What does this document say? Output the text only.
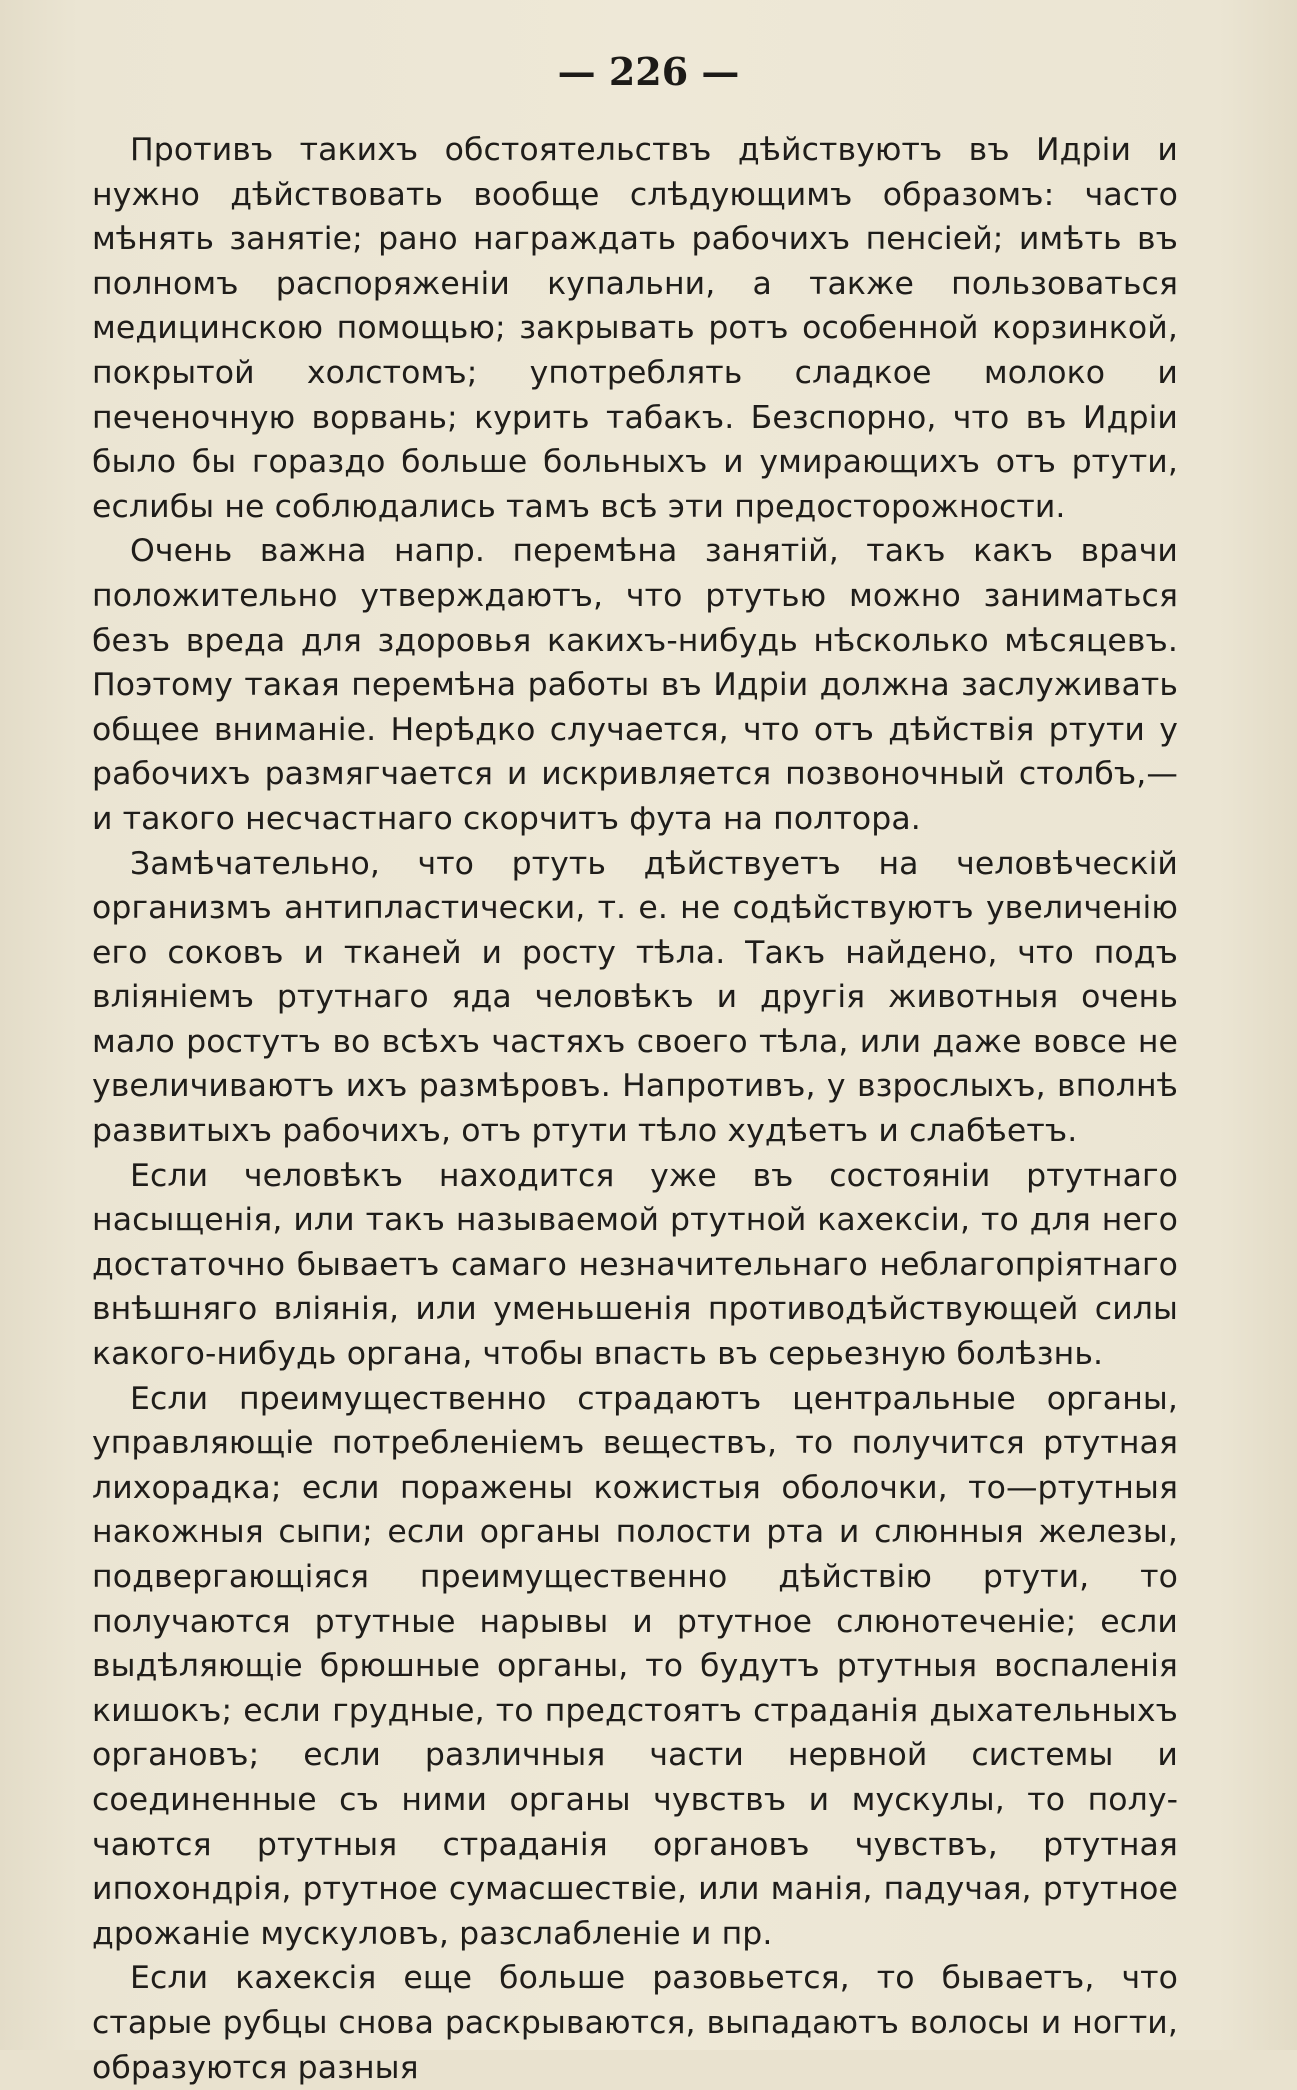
— 226 —

Противъ такихъ обстоятельствъ дѣйствуютъ въ Идріи и нужно дѣйствовать вообще слѣдующимъ образомъ: часто мѣнять занятіе; рано награждать рабочихъ пенсіей; имѣть въ полномъ распоряженіи купальни, а также пользоваться медицинскою помощью; закрывать ротъ особенной корзинкой, покрытой холстомъ; употреблять сладкое молоко и печеночную ворвань; курить табакъ. Безспорно, что въ Идріи было бы гораздо больше больныхъ и умирающихъ отъ ртути, еслибы не соблюдались тамъ всѣ эти предосторожности.

Очень важна напр. перемѣна занятій, такъ какъ врачи положительно утверждаютъ, что ртутью можно заниматься безъ вреда для здоровья какихъ-нибудь нѣсколько мѣсяцевъ. Поэтому такая перемѣна работы въ Идріи должна заслуживать общее вниманіе. Нерѣдко случается, что отъ дѣйствія ртути у рабочихъ размягчается и искривляется позвоночный столбъ,—и такого несчастнаго скорчитъ фута на полтора.

Замѣчательно, что ртуть дѣйствуетъ на человѣческій организмъ антипластически, т. е. не содѣйствуютъ увеличенію его соковъ и тканей и росту тѣла. Такъ найдено, что подъ вліяніемъ ртутнаго яда человѣкъ и другія животныя очень мало ростутъ во всѣхъ частяхъ своего тѣла, или даже вовсе не увеличиваютъ ихъ размѣровъ. Напротивъ, у взрослыхъ, вполнѣ развитыхъ рабочихъ, отъ ртути тѣло худѣетъ и слабѣетъ.

Если человѣкъ находится уже въ состояніи ртутнаго насыщенія, или такъ называемой ртутной кахексіи, то для него достаточно бываетъ самаго незначительнаго неблагопріятнаго внѣшняго вліянія, или уменьшенія противодѣйствующей силы какого-нибудь органа, чтобы впасть въ серьезную болѣзнь.

Если преимущественно страдаютъ центральные органы, управляющіе потребленіемъ веществъ, то получится ртутная лихорадка; если поражены кожистыя оболочки, то—ртутныя накожныя сыпи; если органы полости рта и слюнныя железы, подвергающіяся преимущественно дѣйствію ртути, то получаются ртутные нарывы и ртутное слюнотеченіе; если выдѣляющіе брюшные органы, то будутъ ртутныя воспаленія кишокъ; если грудные, то предстоятъ страданія дыхательныхъ органовъ; если различныя части нервной системы и соединенные съ ними органы чувствъ и мускулы, то получаются ртутныя страданія органовъ чувствъ, ртутная ипохондрія, ртутное сумасшествіе, или манія, падучая, ртутное дрожаніе мускуловъ, разслабленіе и пр.

Если кахексія еще больше разовьется, то бываетъ, что старые рубцы снова раскрываются, выпадаютъ волосы и ногти, образуются разныя
